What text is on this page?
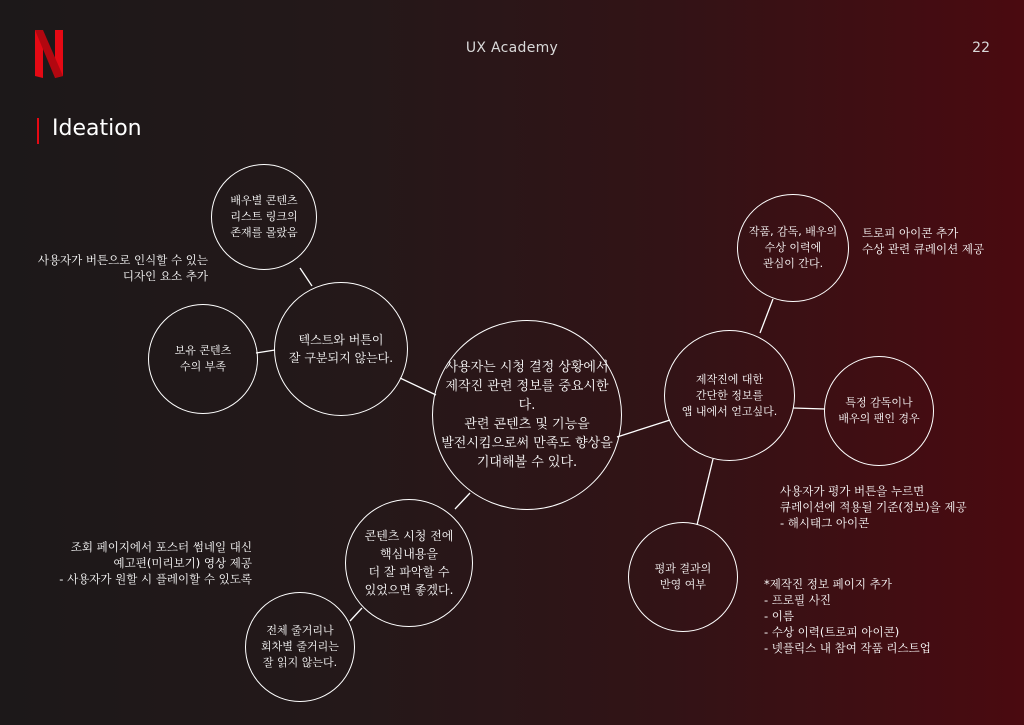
UX Academy	22
Ideation
배우별 콘텐츠
리스트 링크의
존재를 몰랐음
텍스트와 버튼이
잘 구분되지 않는다.
보유 콘텐츠
수의 부족	사용자는 시청 결정 상황에서
제작진 관련 정보를 중요시한다.
관련 콘텐츠 및 기능을
발전시킴으로써 만족도 향상을
기대해볼 수 있다.
콘텐츠 시청 전에
핵심내용을
더 잘 파악할 수
있었으면 좋겠다.
전체 줄거리나
회차별 줄거리는
잘 읽지 않는다.
제작진에 대한
간단한 정보를
앱 내에서 얻고싶다.
작품, 감독, 배우의
수상 이력에
관심이 간다.
특정 감독이나
배우의 팬인 경우
평과 결과의
반영 여부
사용자가 버튼으로 인식할 수 있는
디자인 요소 추가
조회 페이지에서 포스터 썸네일 대신
예고편(미리보기) 영상 제공
- 사용자가 원할 시 플레이할 수 있도록
트로피 아이콘 추가
수상 관련 큐레이션 제공
사용자가 평가 버튼을 누르면
큐레이션에 적용될 기준(정보)을 제공
- 해시태그 아이콘
*제작진 정보 페이지 추가
- 프로필 사진
- 이름
- 수상 이력(트로피 아이콘)
- 넷플릭스 내 참여 작품 리스트업
